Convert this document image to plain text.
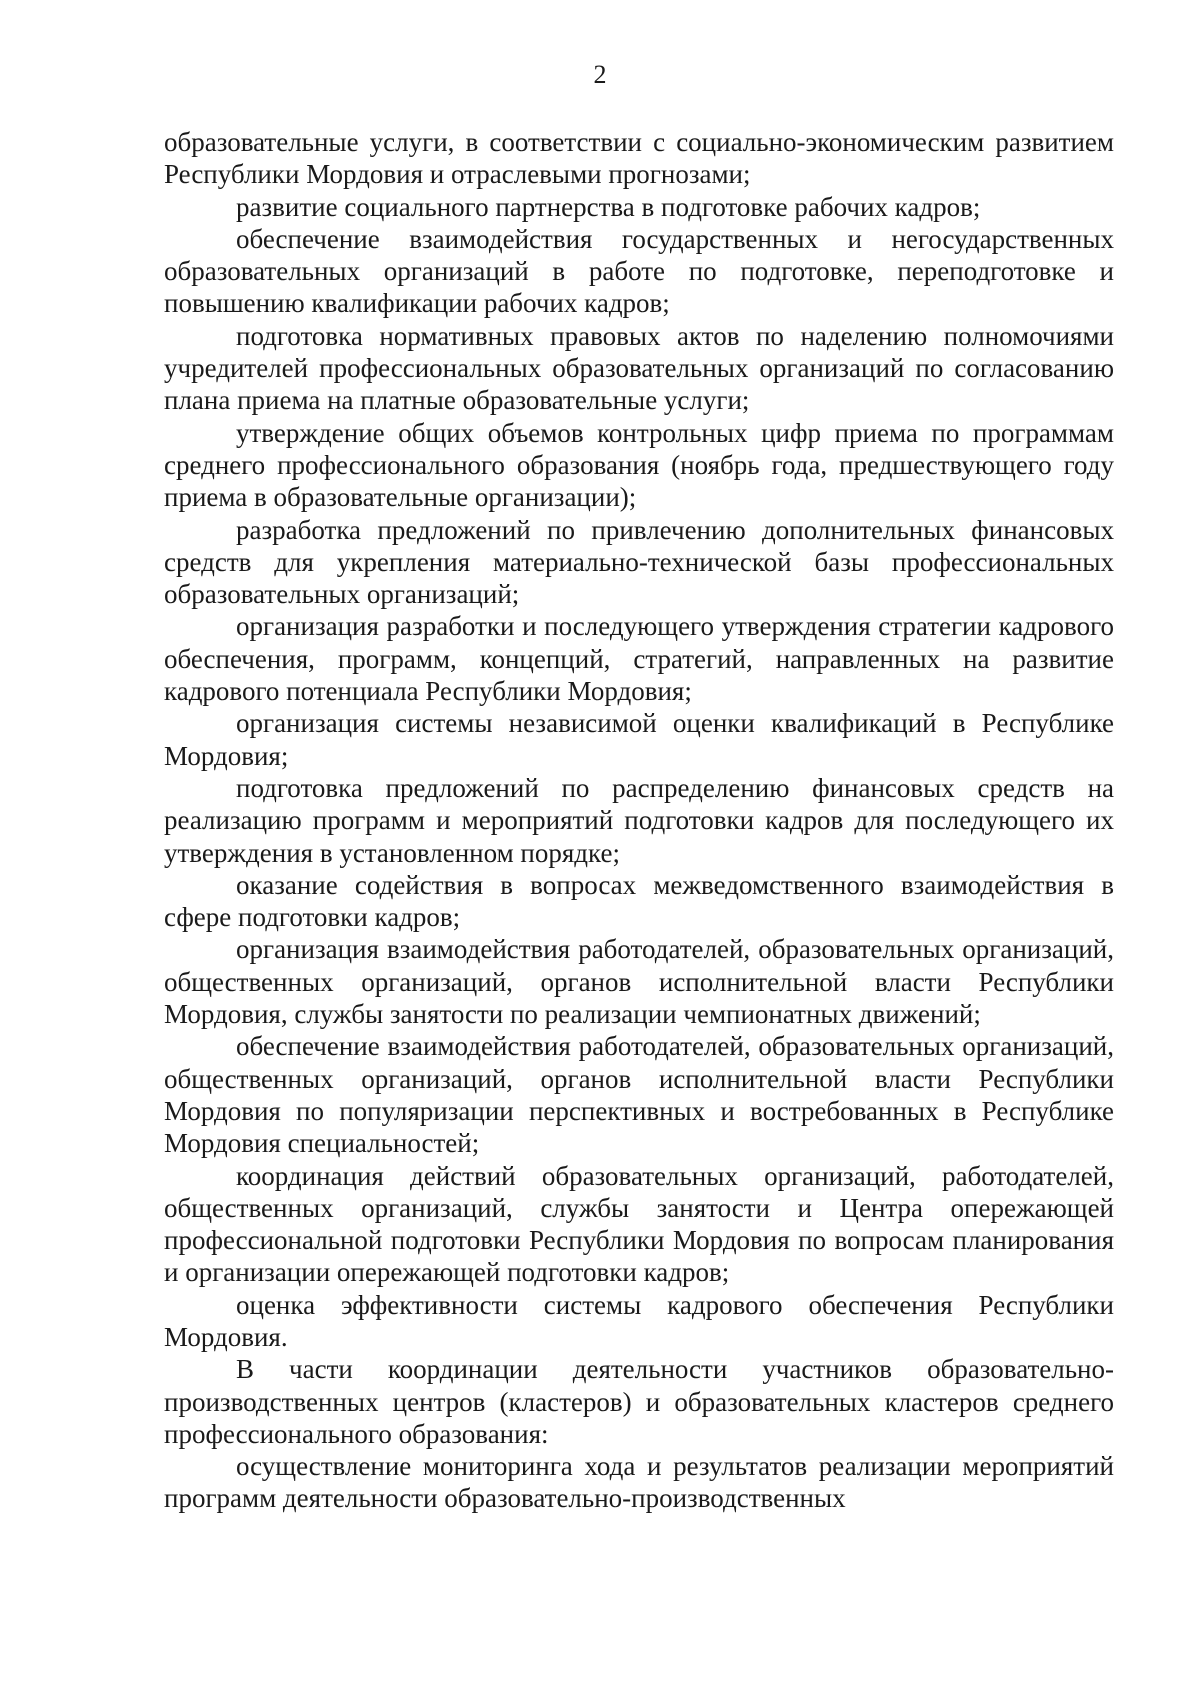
2

образовательные услуги, в соответствии с социально-экономическим развитием Республики Мордовия и отраслевыми прогнозами;

развитие социального партнерства в подготовке рабочих кадров;

обеспечение взаимодействия государственных и негосударственных образовательных организаций в работе по подготовке, переподготовке и повышению квалификации рабочих кадров;

подготовка нормативных правовых актов по наделению полномочиями учредителей профессиональных образовательных организаций по согласованию плана приема на платные образовательные услуги;

утверждение общих объемов контрольных цифр приема по программам среднего профессионального образования (ноябрь года, предшествующего году приема в образовательные организации);

разработка предложений по привлечению дополнительных финансовых средств для укрепления материально-технической базы профессиональных образовательных организаций;

организация разработки и последующего утверждения стратегии кадрового обеспечения, программ, концепций, стратегий, направленных на развитие кадрового потенциала Республики Мордовия;

организация системы независимой оценки квалификаций в Республике Мордовия;

подготовка предложений по распределению финансовых средств на реализацию программ и мероприятий подготовки кадров для последующего их утверждения в установленном порядке;

оказание содействия в вопросах межведомственного взаимодействия в сфере подготовки кадров;

организация взаимодействия работодателей, образовательных организаций, общественных организаций, органов исполнительной власти Республики Мордовия, службы занятости по реализации чемпионатных движений;

обеспечение взаимодействия работодателей, образовательных организаций, общественных организаций, органов исполнительной власти Республики Мордовия по популяризации перспективных и востребованных в Республике Мордовия специальностей;

координация действий образовательных организаций, работодателей, общественных организаций, службы занятости и Центра опережающей профессиональной подготовки Республики Мордовия по вопросам планирования и организации опережающей подготовки кадров;

оценка эффективности системы кадрового обеспечения Республики Мордовия.

В части координации деятельности участников образовательно-производственных центров (кластеров) и образовательных кластеров среднего профессионального образования:

осуществление мониторинга хода и результатов реализации мероприятий программ деятельности образовательно-производственных
